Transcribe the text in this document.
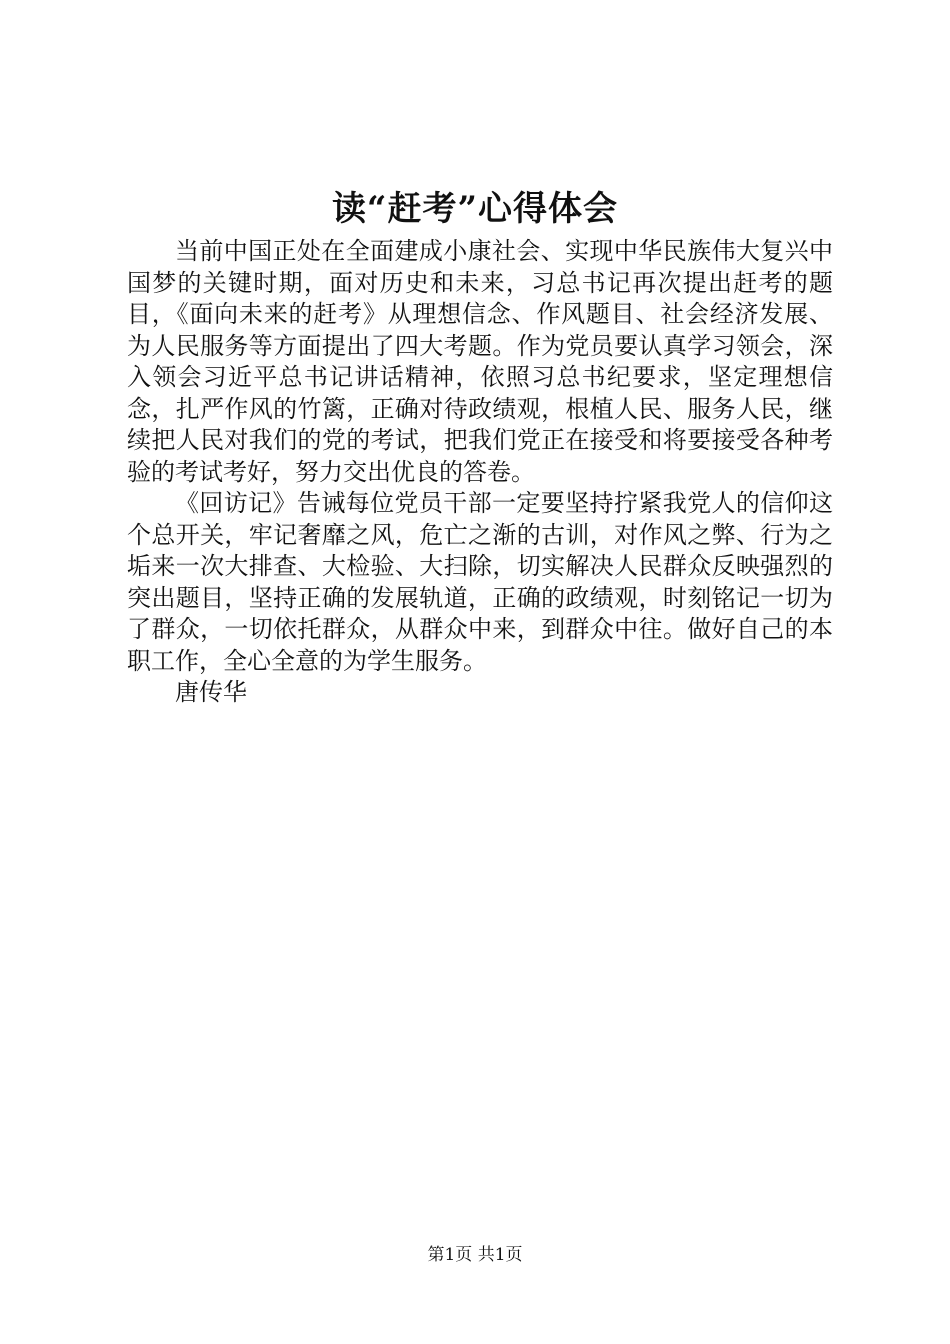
读“赶考”心得体会

当前中国正处在全面建成小康社会、实现中华民族伟大复兴中国梦的关键时期，面对历史和未来，习总书记再次提出赶考的题目，《面向未来的赶考》从理想信念、作风题目、社会经济发展、为人民服务等方面提出了四大考题。作为党员要认真学习领会，深入领会习近平总书记讲话精神，依照习总书纪要求，坚定理想信念，扎严作风的竹篱，正确对待政绩观，根植人民、服务人民，继续把人民对我们的党的考试，把我们党正在接受和将要接受各种考验的考试考好，努力交出优良的答卷。

《回访记》告诫每位党员干部一定要坚持拧紧我党人的信仰这个总开关，牢记奢靡之风，危亡之渐的古训，对作风之弊、行为之垢来一次大排查、大检验、大扫除，切实解决人民群众反映强烈的突出题目，坚持正确的发展轨道，正确的政绩观，时刻铭记一切为了群众，一切依托群众，从群众中来，到群众中往。做好自己的本职工作，全心全意的为学生服务。

唐传华

第1页 共1页
